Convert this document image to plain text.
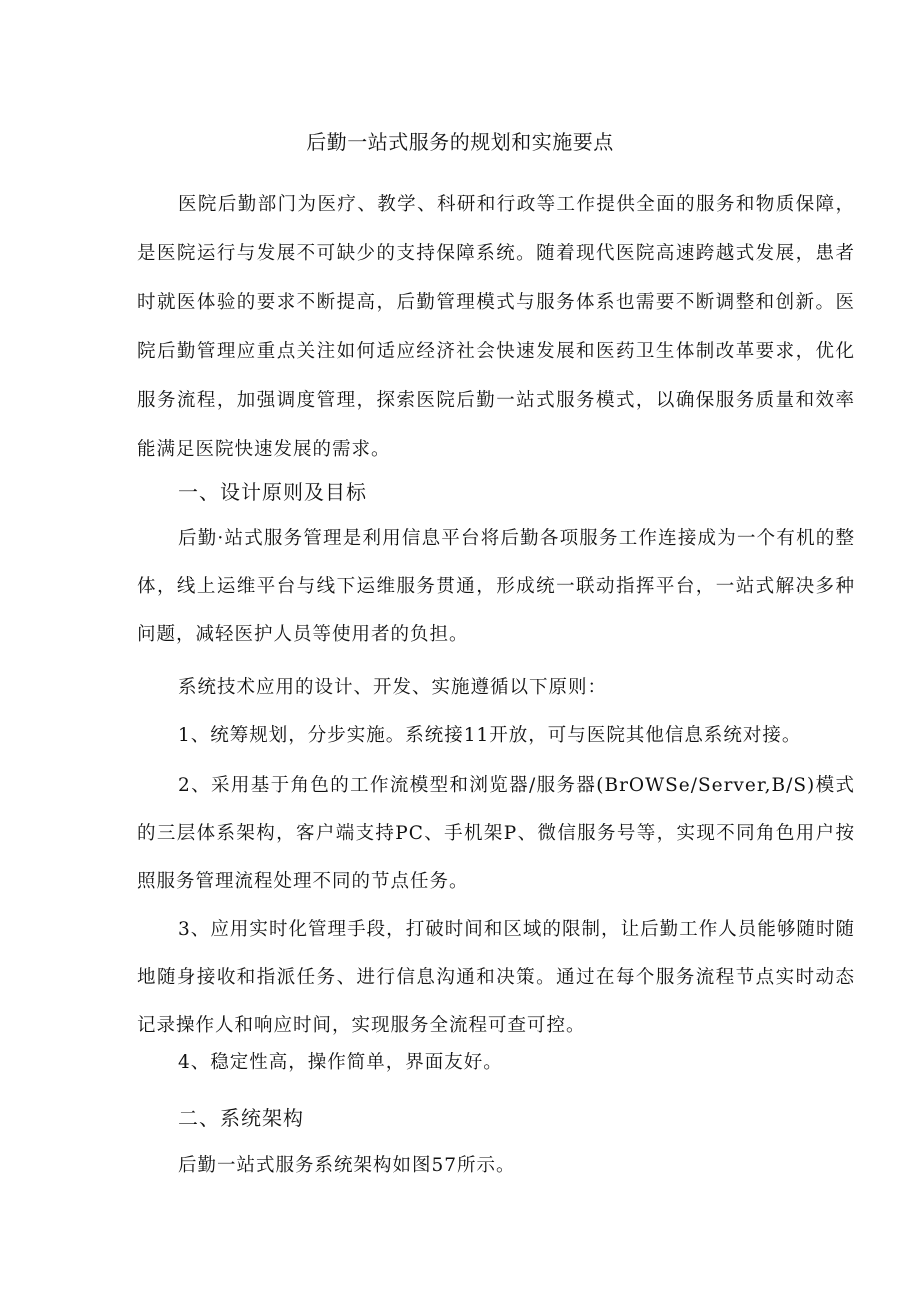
后勤一站式服务的规划和实施要点

医院后勤部门为医疗、教学、科研和行政等工作提供全面的服务和物质保障，是医院运行与发展不可缺少的支持保障系统。随着现代医院高速跨越式发展，患者时就医体验的要求不断提高，后勤管理模式与服务体系也需要不断调整和创新。医院后勤管理应重点关注如何适应经济社会快速发展和医药卫生体制改革要求，优化服务流程，加强调度管理，探索医院后勤一站式服务模式，以确保服务质量和效率能满足医院快速发展的需求。

一、设计原则及目标

后勤·站式服务管理是利用信息平台将后勤各项服务工作连接成为一个有机的整体，线上运维平台与线下运维服务贯通，形成统一联动指挥平台，一站式解决多种问题，减轻医护人员等使用者的负担。

系统技术应用的设计、开发、实施遵循以下原则：

1、统筹规划，分步实施。系统接11开放，可与医院其他信息系统对接。

2、采用基于角色的工作流模型和浏览器/服务器(BrOWSe/Server,B/S)模式的三层体系架构，客户端支持PC、手机架P、微信服务号等，实现不同角色用户按照服务管理流程处理不同的节点任务。

3、应用实时化管理手段，打破时间和区域的限制，让后勤工作人员能够随时随地随身接收和指派任务、进行信息沟通和决策。通过在每个服务流程节点实时动态记录操作人和响应时间，实现服务全流程可查可控。

4、稳定性高，操作简单，界面友好。

二、系统架构

后勤一站式服务系统架构如图57所示。
